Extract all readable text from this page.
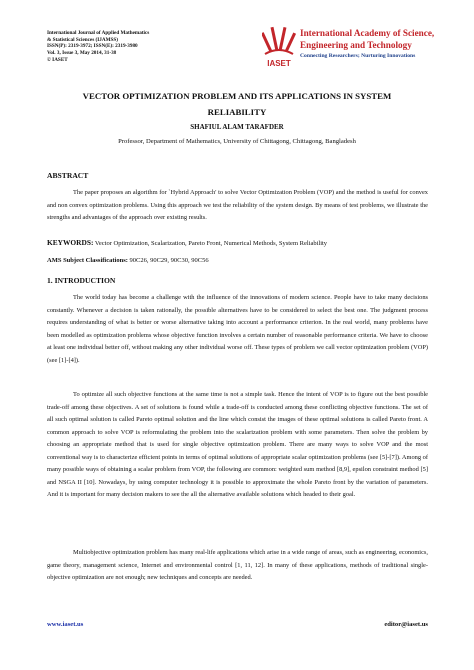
International Journal of Applied Mathematics
& Statistical Sciences (IJAMSS)
ISSN(P): 2319-3972; ISSN(E): 2319-3980
Vol. 3, Issue 3, May 2014, 31-38
© IASET	IASET
International Academy of Science,
Engineering and Technology
Connecting Researchers; Nurturing Innovations
VECTOR OPTIMIZATION PROBLEM AND ITS APPLICATIONS IN SYSTEM RELIABILITY
SHAFIUL ALAM TARAFDER
Professor, Department of Mathematics, University of Chittagong, Chittagong, Bangladesh
ABSTRACT
The paper proposes an algorithm for `Hybrid Approach' to solve Vector Optimization Problem (VOP) and the method is useful for convex and non convex optimization problems. Using this approach we test the reliability of the system design. By means of test problems, we illustrate the strengths and advantages of the approach over existing results.
KEYWORDS: Vector Optimization, Scalarization, Pareto Front, Numerical Methods, System Reliability
AMS Subject Classifications: 90C26, 90C29, 90C30, 90C56
1. INTRODUCTION
The world today has become a challenge with the influence of the innovations of modern science. People have to take many decisions constantly. Whenever a decision is taken rationally, the possible alternatives have to be considered to select the best one. The judgment process requires understanding of what is better or worse alternative taking into account a performance criterion. In the real world, many problems have been modelled as optimization problems whose objective function involves a certain number of reasonable performance criteria. We have to choose at least one individual better off, without making any other individual worse off. These types of problem we call vector optimization problem (VOP) (see [1]-[4]).
To optimize all such objective functions at the same time is not a simple task. Hence the intent of VOP is to figure out the best possible trade-off among these objectives. A set of solutions is found while a trade-off is conducted among these conflicting objective functions. The set of all such optimal solution is called Pareto optimal solution and the line which consist the images of these optimal solutions is called Pareto front. A common approach to solve VOP is reformulating the problem into the scalarization problem with some parameters. Then solve the problem by choosing an appropriate method that is used for single objective optimization problem. There are many ways to solve VOP and the most conventional way is to characterize efficient points in terms of optimal solutions of appropriate scalar optimization problems (see [5]-[7]). Among of many possible ways of obtaining a scalar problem from VOP, the following are common: weighted sum method [8,9], epsilon constraint method [5] and NSGA II [10]. Nowadays, by using computer technology it is possible to approximate the whole Pareto front by the variation of parameters. And it is important for many decision makers to see the all the alternative available solutions which headed to their goal.
Multiobjective optimization problem has many real-life applications which arise in a wide range of areas, such as engineering, economics, game theory, management science, Internet and environmental control [1, 11, 12]. In many of these applications, methods of traditional single-objective optimization are not enough; new techniques and concepts are needed.
www.iaset.us	editor@iaset.us
